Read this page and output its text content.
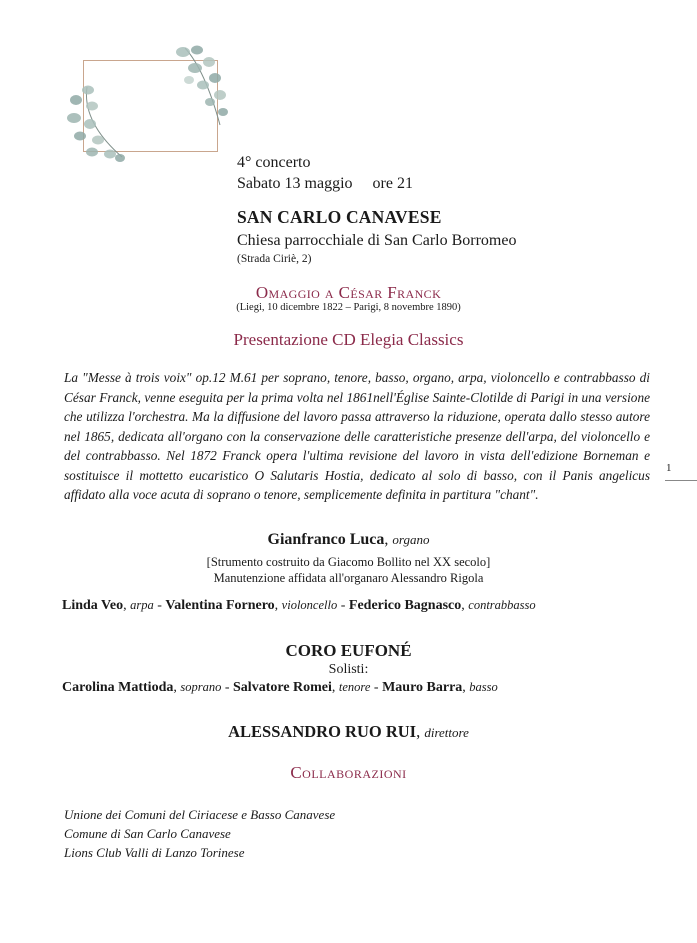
4° concerto
Sabato 13 maggio ore 21
SAN CARLO CANAVESE
Chiesa parrocchiale di San Carlo Borromeo
(Strada Ciriè, 2)
Omaggio a César Franck
(Liegi, 10 dicembre 1822 – Parigi, 8 novembre 1890)
Presentazione CD Elegia Classics
La "Messe à trois voix" op.12 M.61 per soprano, tenore, basso, organo, arpa, violoncello e contrabbasso di César Franck, venne eseguita per la prima volta nel 1861nell'Église Sainte-Clotilde di Parigi in una versione che utilizza l'orchestra. Ma la diffusione del lavoro passa attraverso la riduzione, operata dallo stesso autore nel 1865, dedicata all'organo con la conservazione delle caratteristiche presenze dell'arpa, del violoncello e del contrabbasso. Nel 1872 Franck opera l'ultima revisione del lavoro in vista dell'edizione Borneman e sostituisce il mottetto eucaristico O Salutaris Hostia, dedicato al solo di basso, con il Panis angelicus affidato alla voce acuta di soprano o tenore, semplicemente definita in partitura "chant".
1
Gianfranco Luca, organo
[Strumento costruito da Giacomo Bollito nel XX secolo]
Manutenzione affidata all'organaro Alessandro Rigola
Linda Veo, arpa - Valentina Fornero, violoncello - Federico Bagnasco, contrabbasso
CORO EUFONÉ
Solisti:
Carolina Mattioda, soprano - Salvatore Romei, tenore - Mauro Barra, basso
ALESSANDRO RUO RUI, direttore
Collaborazioni
Unione dei Comuni del Ciriacese e Basso Canavese
Comune di San Carlo Canavese
Lions Club Valli di Lanzo Torinese
